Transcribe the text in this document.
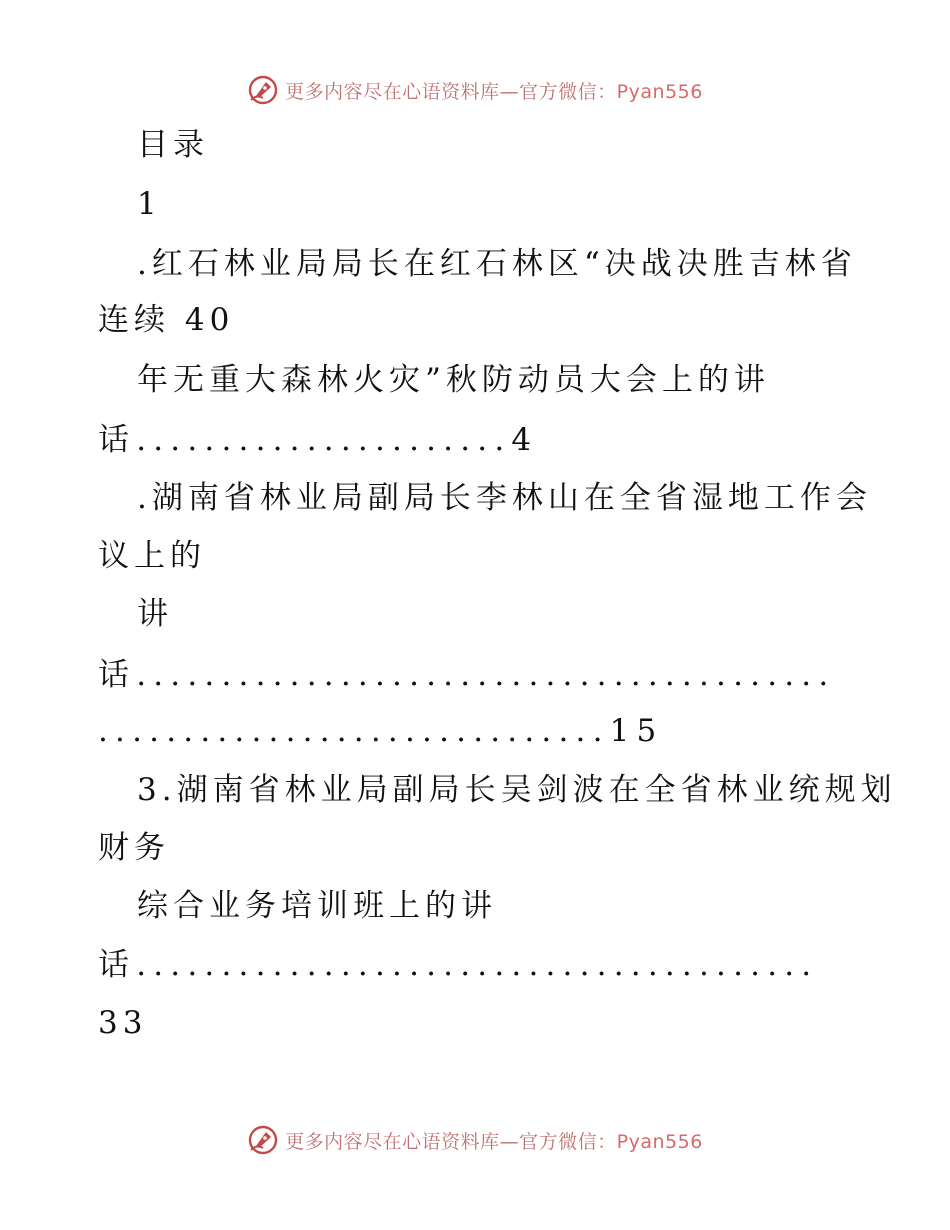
更多内容尽在心语资料库—官方微信：Pyan556
目录
1
.红石林业局局长在红石林区“决战决胜吉林省
连续 40
年无重大森林火灾”秋防动员大会上的讲
话......................4
.湖南省林业局副局长李林山在全省湿地工作会
议上的
讲
话.........................................
..............................15
3.湖南省林业局副局长吴剑波在全省林业统规划
财务
综合业务培训班上的讲
话........................................
33
更多内容尽在心语资料库—官方微信：Pyan556
